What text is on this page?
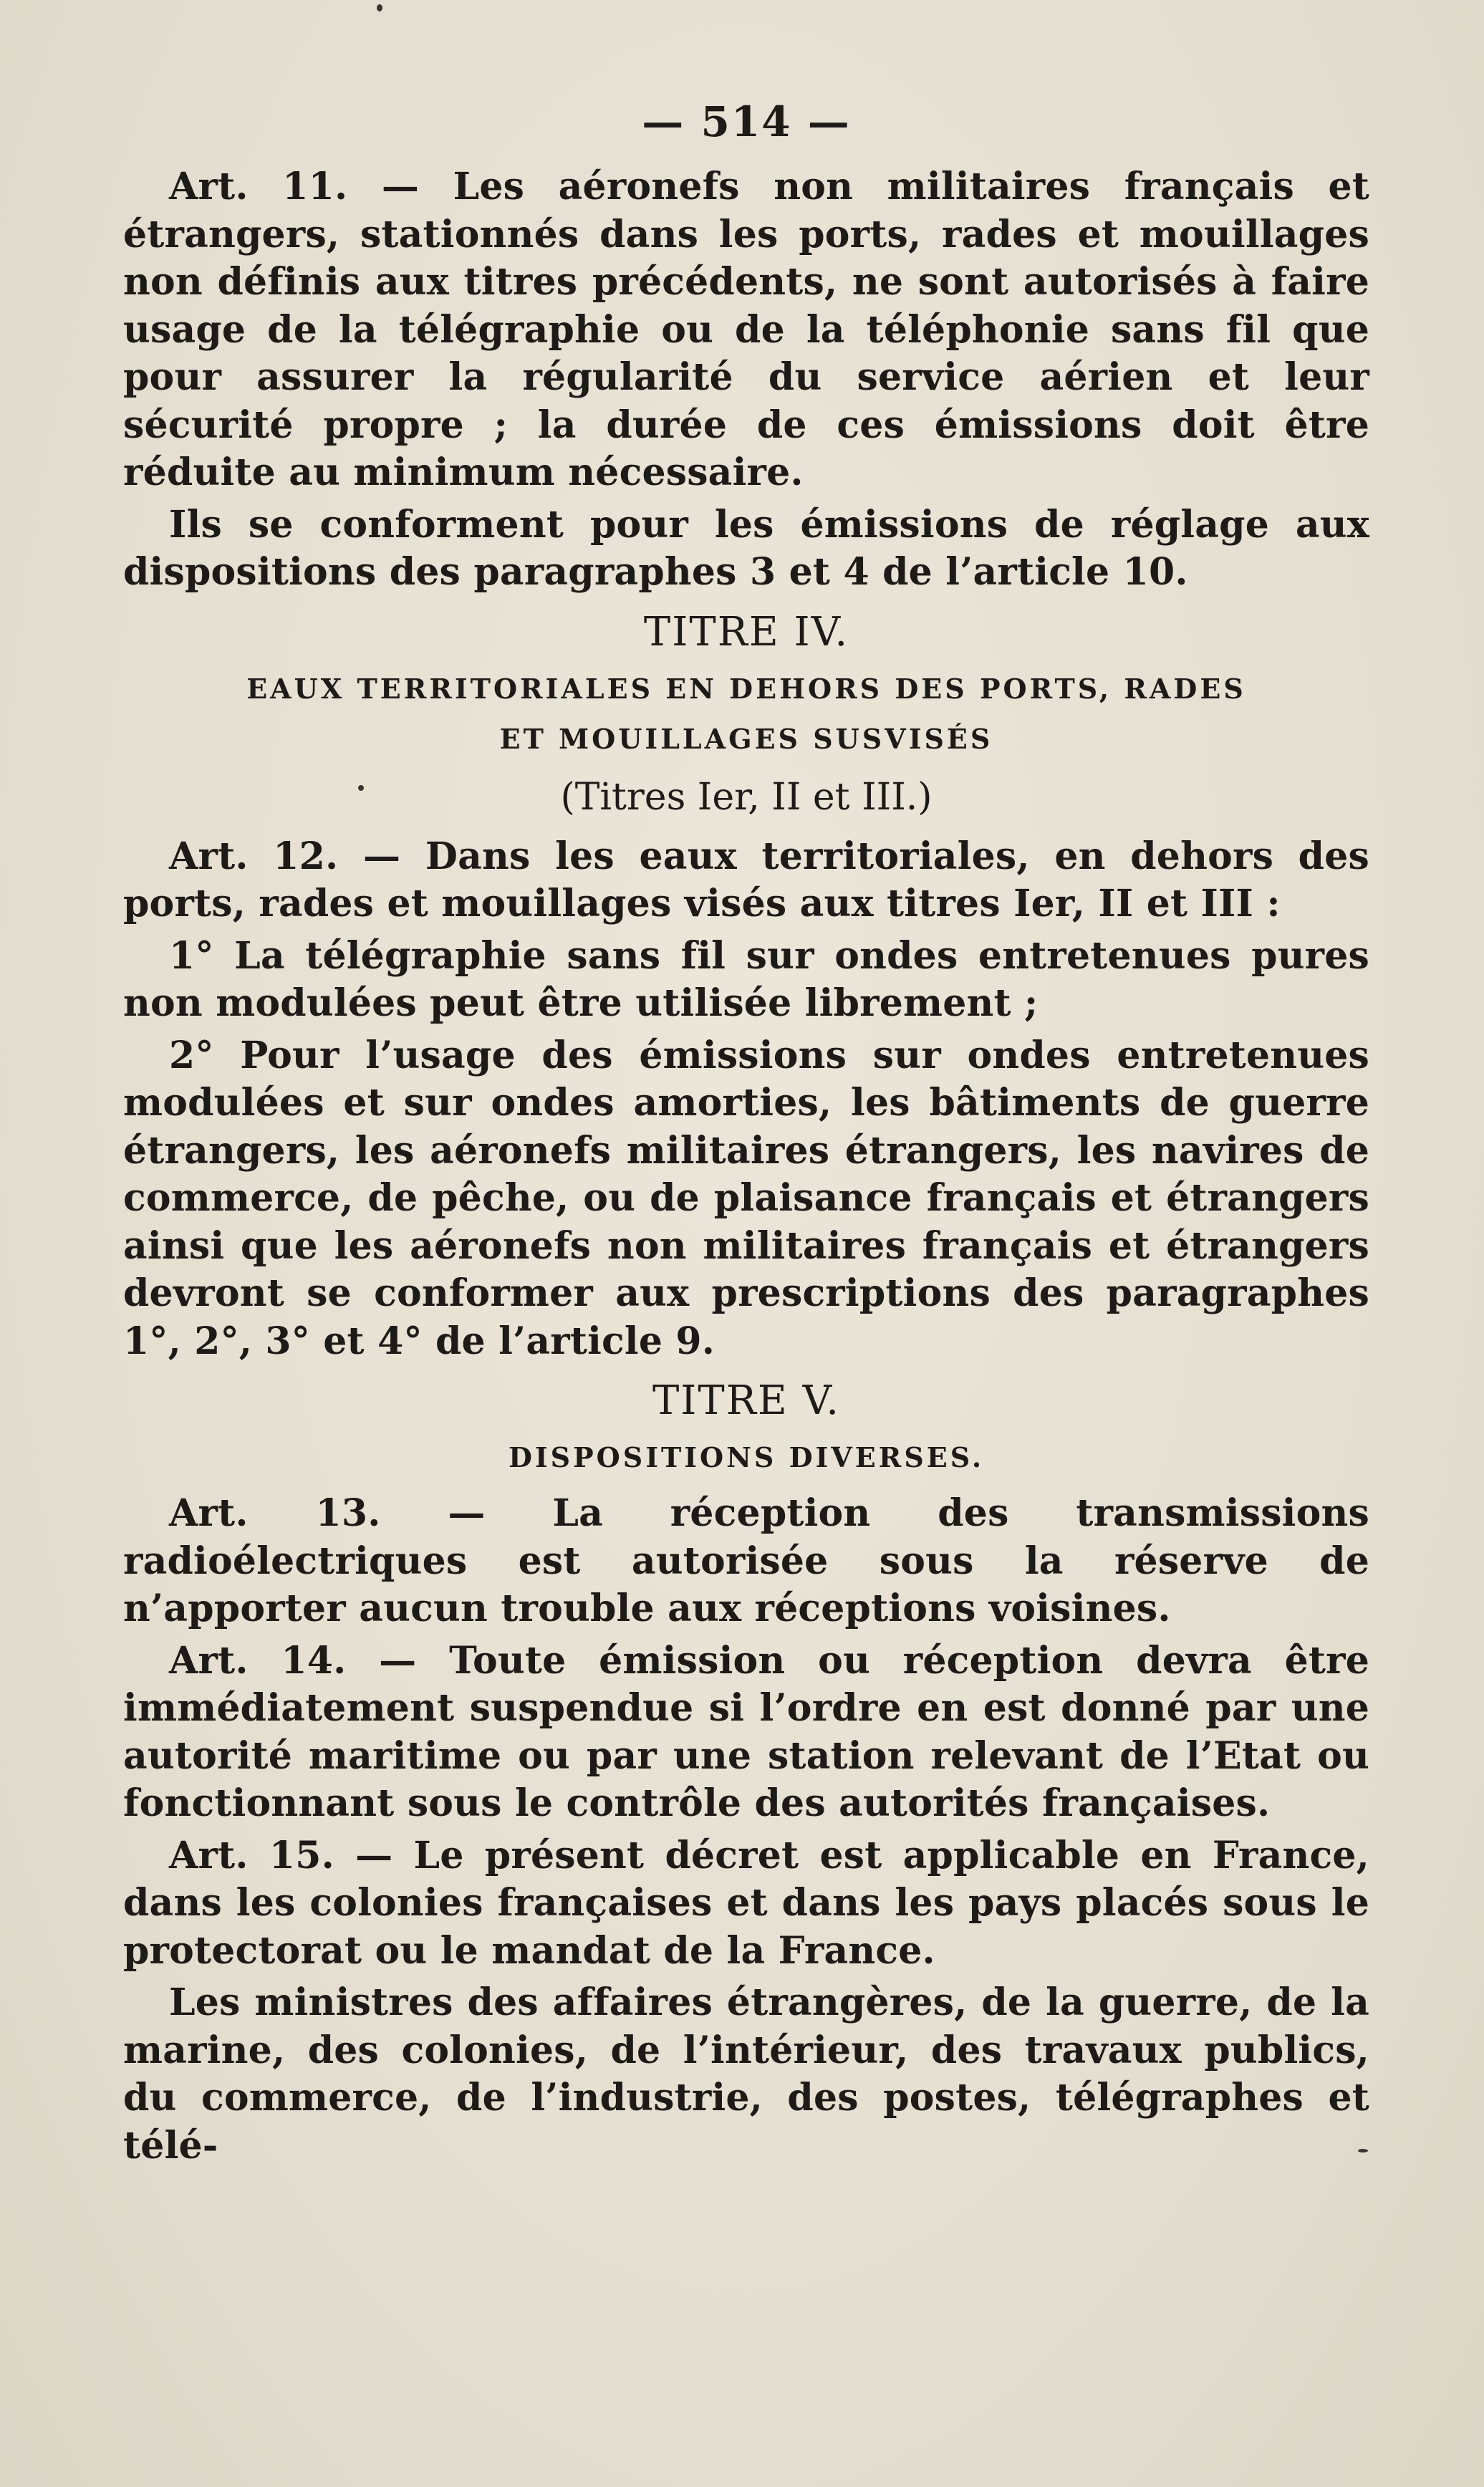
— 514 —

Art. 11. — Les aéronefs non militaires français et étrangers, stationnés dans les ports, rades et mouillages non définis aux titres précédents, ne sont autorisés à faire usage de la télégraphie ou de la téléphonie sans fil que pour assurer la régularité du service aérien et leur sécurité propre ; la durée de ces émissions doit être réduite au minimum nécessaire.

Ils se conforment pour les émissions de réglage aux dispositions des paragraphes 3 et 4 de l’article 10.

TITRE IV.

EAUX TERRITORIALES EN DEHORS DES PORTS, RADES

ET MOUILLAGES SUSVISÉS

(Titres Ier, II et III.)

Art. 12. — Dans les eaux territoriales, en dehors des ports, rades et mouillages visés aux titres Ier, II et III :

1° La télégraphie sans fil sur ondes entretenues pures non modulées peut être utilisée librement ;

2° Pour l’usage des émissions sur ondes entretenues modulées et sur ondes amorties, les bâtiments de guerre étrangers, les aéronefs militaires étrangers, les navires de commerce, de pêche, ou de plaisance français et étrangers ainsi que les aéronefs non militaires français et étrangers devront se conformer aux prescriptions des paragraphes 1°, 2°, 3° et 4° de l’article 9.

TITRE V.

DISPOSITIONS DIVERSES.

Art. 13. — La réception des transmissions radioélectriques est autorisée sous la réserve de n’apporter aucun trouble aux réceptions voisines.

Art. 14. — Toute émission ou réception devra être immédiatement suspendue si l’ordre en est donné par une autorité maritime ou par une station relevant de l’Etat ou fonctionnant sous le contrôle des autorités françaises.

Art. 15. — Le présent décret est applicable en France, dans les colonies françaises et dans les pays placés sous le protectorat ou le mandat de la France.

Les ministres des affaires étrangères, de la guerre, de la marine, des colonies, de l’intérieur, des travaux publics, du commerce, de l’industrie, des postes, télégraphes et télé-
